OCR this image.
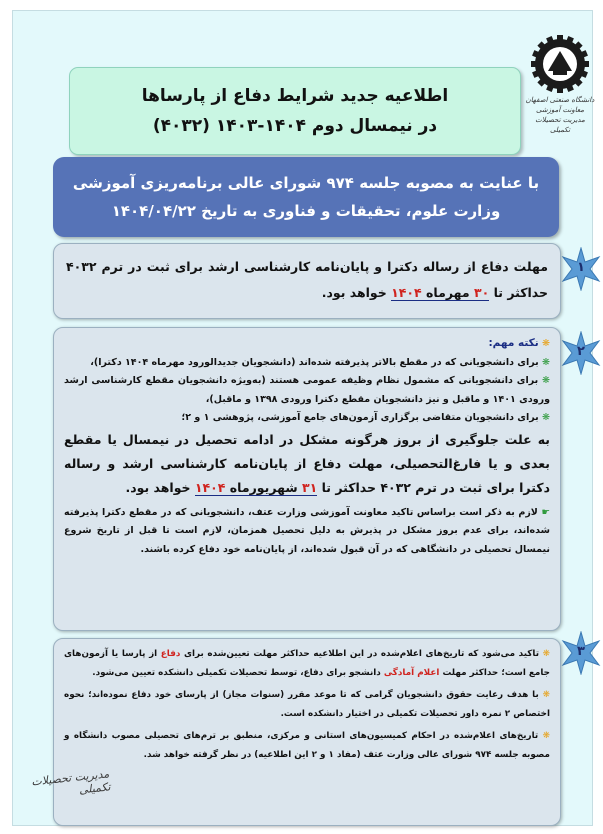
دانشگاه صنعتی اصفهان
معاونت آموزشی
مدیریت تحصیلات تکمیلی
اطلاعیه جدید شرایط دفاع از پارساها
در نیمسال دوم ۱۴۰۴-۱۴۰۳ (۴۰۳۲)
با عنایت به مصوبه جلسه ۹۷۴ شورای عالی برنامه‌ریزی آموزشی
وزارت علوم، تحقیقات و فناوری به تاریخ ۱۴۰۴/۰۴/۲۲
۱
مهلت دفاع از رساله دکترا و پایان‌نامه کارشناسی ارشد برای ثبت در ترم ۴۰۳۲ حداکثر تا ۳۰ مهرماه ۱۴۰۴ خواهد بود.
۲
❋ نکته مهم:
❋ برای دانشجویانی که در مقطع بالاتر پذیرفته شده‌اند (دانشجویان جدیدالورود مهرماه ۱۴۰۴ دکترا)،
❋ برای دانشجویانی که مشمول نظام وظیفه عمومی هستند (به‌ویژه دانشجویان مقطع کارشناسی ارشد ورودی ۱۴۰۱ و ماقبل و نیز دانشجویان مقطع دکترا ورودی ۱۳۹۸ و ماقبل)،
❋ برای دانشجویان متقاضی برگزاری آزمون‌های جامع آموزشی، پژوهشی ۱ و ۲؛
به علت جلوگیری از بروز هرگونه مشکل در ادامه تحصیل در نیمسال یا مقطع بعدی و یا فارغ‌التحصیلی، مهلت دفاع از پایان‌نامه کارشناسی ارشد و رساله دکترا برای ثبت در ترم ۴۰۳۲ حداکثر تا ۳۱ شهریورماه ۱۴۰۴ خواهد بود.
☛ لازم به ذکر است براساس تاکید معاونت آموزشی وزارت عتف، دانشجویانی که در مقطع دکترا پذیرفته شده‌اند، برای عدم بروز مشکل در پذیرش به دلیل تحصیل همزمان، لازم است تا قبل از تاریخ شروع نیمسال تحصیلی در دانشگاهی که در آن قبول شده‌اند، از پایان‌نامه خود دفاع کرده باشند.
۳
❋ تاکید می‌شود که تاریخ‌های اعلام‌شده در این اطلاعیه حداکثر مهلت تعیین‌شده برای دفاع از پارسا یا آزمون‌های جامع است؛ حداکثر مهلت اعلام آمادگی دانشجو برای دفاع، توسط تحصیلات تکمیلی دانشکده تعیین می‌شود.
❋ با هدف رعایت حقوق دانشجویان گرامی که تا موعد مقرر (سنوات مجاز) از پارسای خود دفاع نموده‌اند؛ نحوه اختصاص ۲ نمره داور تحصیلات تکمیلی در اختیار دانشکده است.
❋ تاریخ‌های اعلام‌شده در احکام کمیسیون‌های استانی و مرکزی، منطبق بر ترم‌های تحصیلی مصوب دانشگاه و مصوبه جلسه ۹۷۴ شورای عالی وزارت عتف (مفاد ۱ و ۲ این اطلاعیه) در نظر گرفته خواهد شد.
مدیریت تحصیلات تکمیلی
